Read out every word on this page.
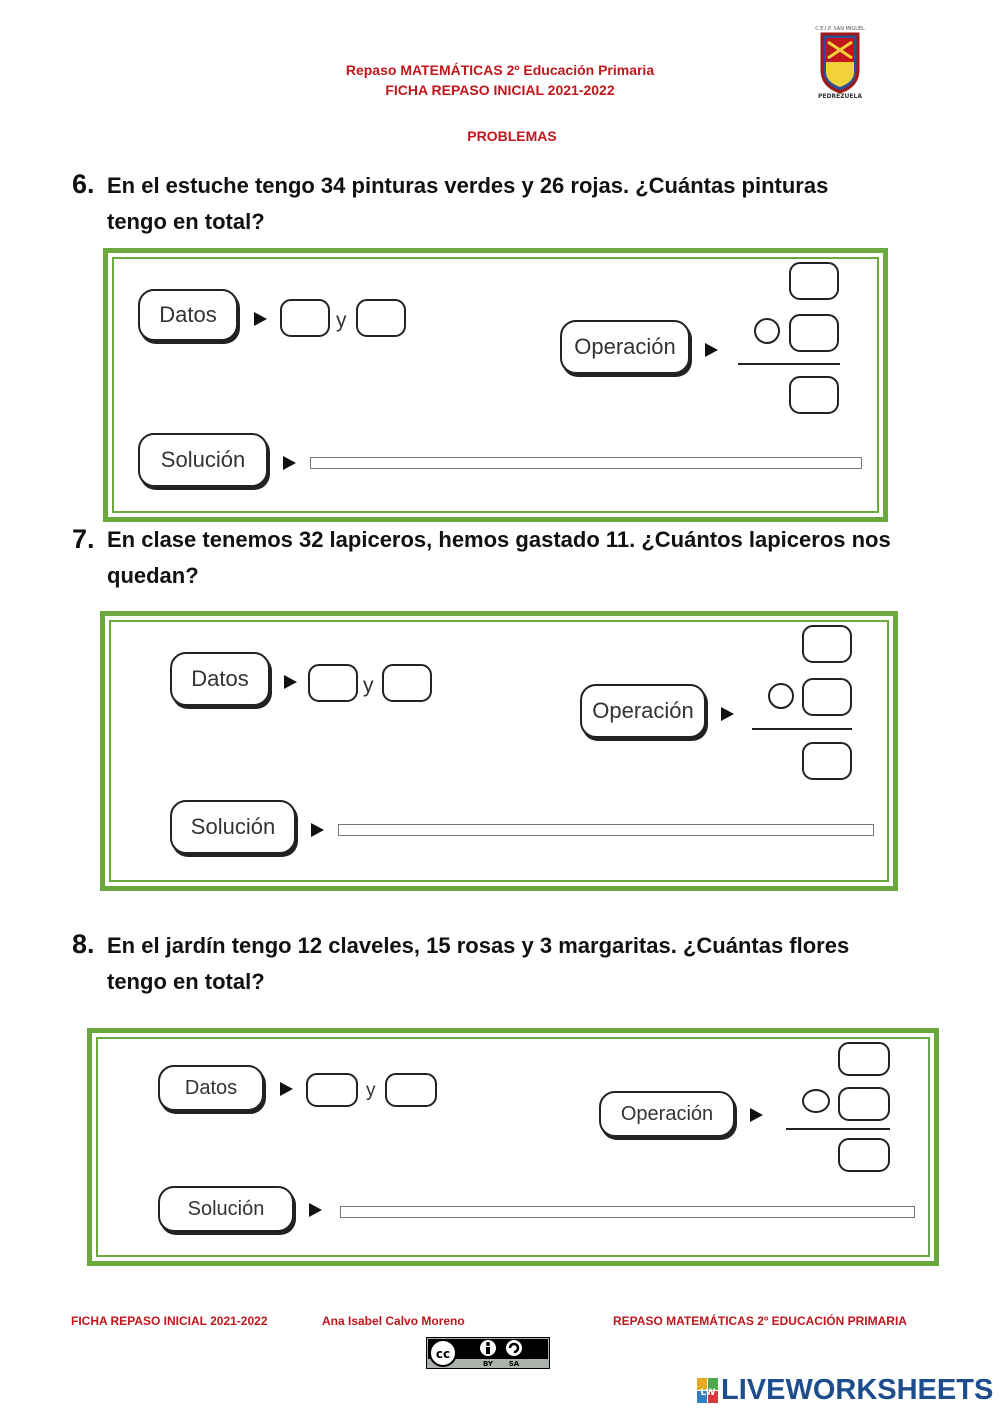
Repaso MATEMÁTICAS 2º Educación Primaria
FICHA REPASO INICIAL 2021-2022
PROBLEMAS
C.E.I.P. SAN MIGUEL
PEDREZUELA
6. En el estuche tengo 34 pinturas verdes y 26 rojas. ¿Cuántas pinturas
tengo en total?
Datos	y
Operación
Solución
7. En clase tenemos 32 lapiceros, hemos gastado 11. ¿Cuántos lapiceros nos
quedan?
Datos	y
Operación
Solución
8. En el jardín tengo 12 claveles, 15 rosas y 3 margaritas. ¿Cuántas flores
tengo en total?
Datos	y
Operación
Solución
FICHA REPASO INICIAL 2021-2022	Ana Isabel Calvo Moreno	REPASO MATEMÁTICAS 2º EDUCACIÓN PRIMARIA
cc
BY SA
LW LIVEWORKSHEETS
